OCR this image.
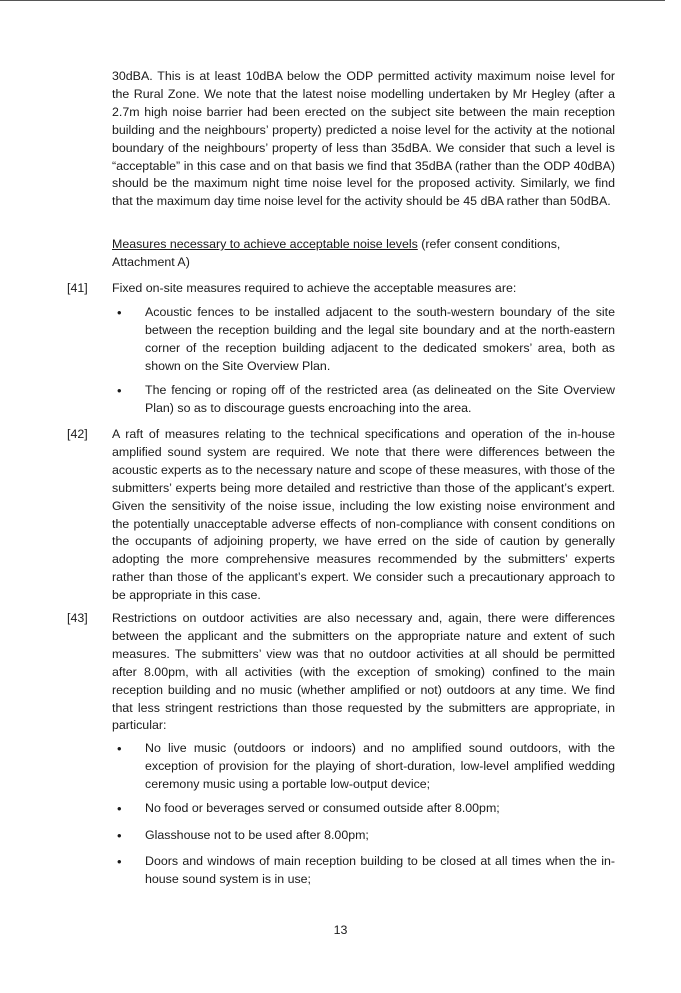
30dBA. This is at least 10dBA below the ODP permitted activity maximum noise level for the Rural Zone. We note that the latest noise modelling undertaken by Mr Hegley (after a 2.7m high noise barrier had been erected on the subject site between the main reception building and the neighbours’ property) predicted a noise level for the activity at the notional boundary of the neighbours’ property of less than 35dBA. We consider that such a level is “acceptable” in this case and on that basis we find that 35dBA (rather than the ODP 40dBA) should be the maximum night time noise level for the proposed activity. Similarly, we find that the maximum day time noise level for the activity should be 45 dBA rather than 50dBA.

Measures necessary to achieve acceptable noise levels (refer consent conditions, Attachment A)

[41] Fixed on-site measures required to achieve the acceptable measures are:

• Acoustic fences to be installed adjacent to the south-western boundary of the site between the reception building and the legal site boundary and at the north-eastern corner of the reception building adjacent to the dedicated smokers’ area, both as shown on the Site Overview Plan.

• The fencing or roping off of the restricted area (as delineated on the Site Overview Plan) so as to discourage guests encroaching into the area.

[42] A raft of measures relating to the technical specifications and operation of the in-house amplified sound system are required. We note that there were differences between the acoustic experts as to the necessary nature and scope of these measures, with those of the submitters’ experts being more detailed and restrictive than those of the applicant’s expert. Given the sensitivity of the noise issue, including the low existing noise environment and the potentially unacceptable adverse effects of non-compliance with consent conditions on the occupants of adjoining property, we have erred on the side of caution by generally adopting the more comprehensive measures recommended by the submitters’ experts rather than those of the applicant’s expert. We consider such a precautionary approach to be appropriate in this case.

[43] Restrictions on outdoor activities are also necessary and, again, there were differences between the applicant and the submitters on the appropriate nature and extent of such measures. The submitters’ view was that no outdoor activities at all should be permitted after 8.00pm, with all activities (with the exception of smoking) confined to the main reception building and no music (whether amplified or not) outdoors at any time. We find that less stringent restrictions than those requested by the submitters are appropriate, in particular:

• No live music (outdoors or indoors) and no amplified sound outdoors, with the exception of provision for the playing of short-duration, low-level amplified wedding ceremony music using a portable low-output device;

• No food or beverages served or consumed outside after 8.00pm;

• Glasshouse not to be used after 8.00pm;

• Doors and windows of main reception building to be closed at all times when the in-house sound system is in use;

13
